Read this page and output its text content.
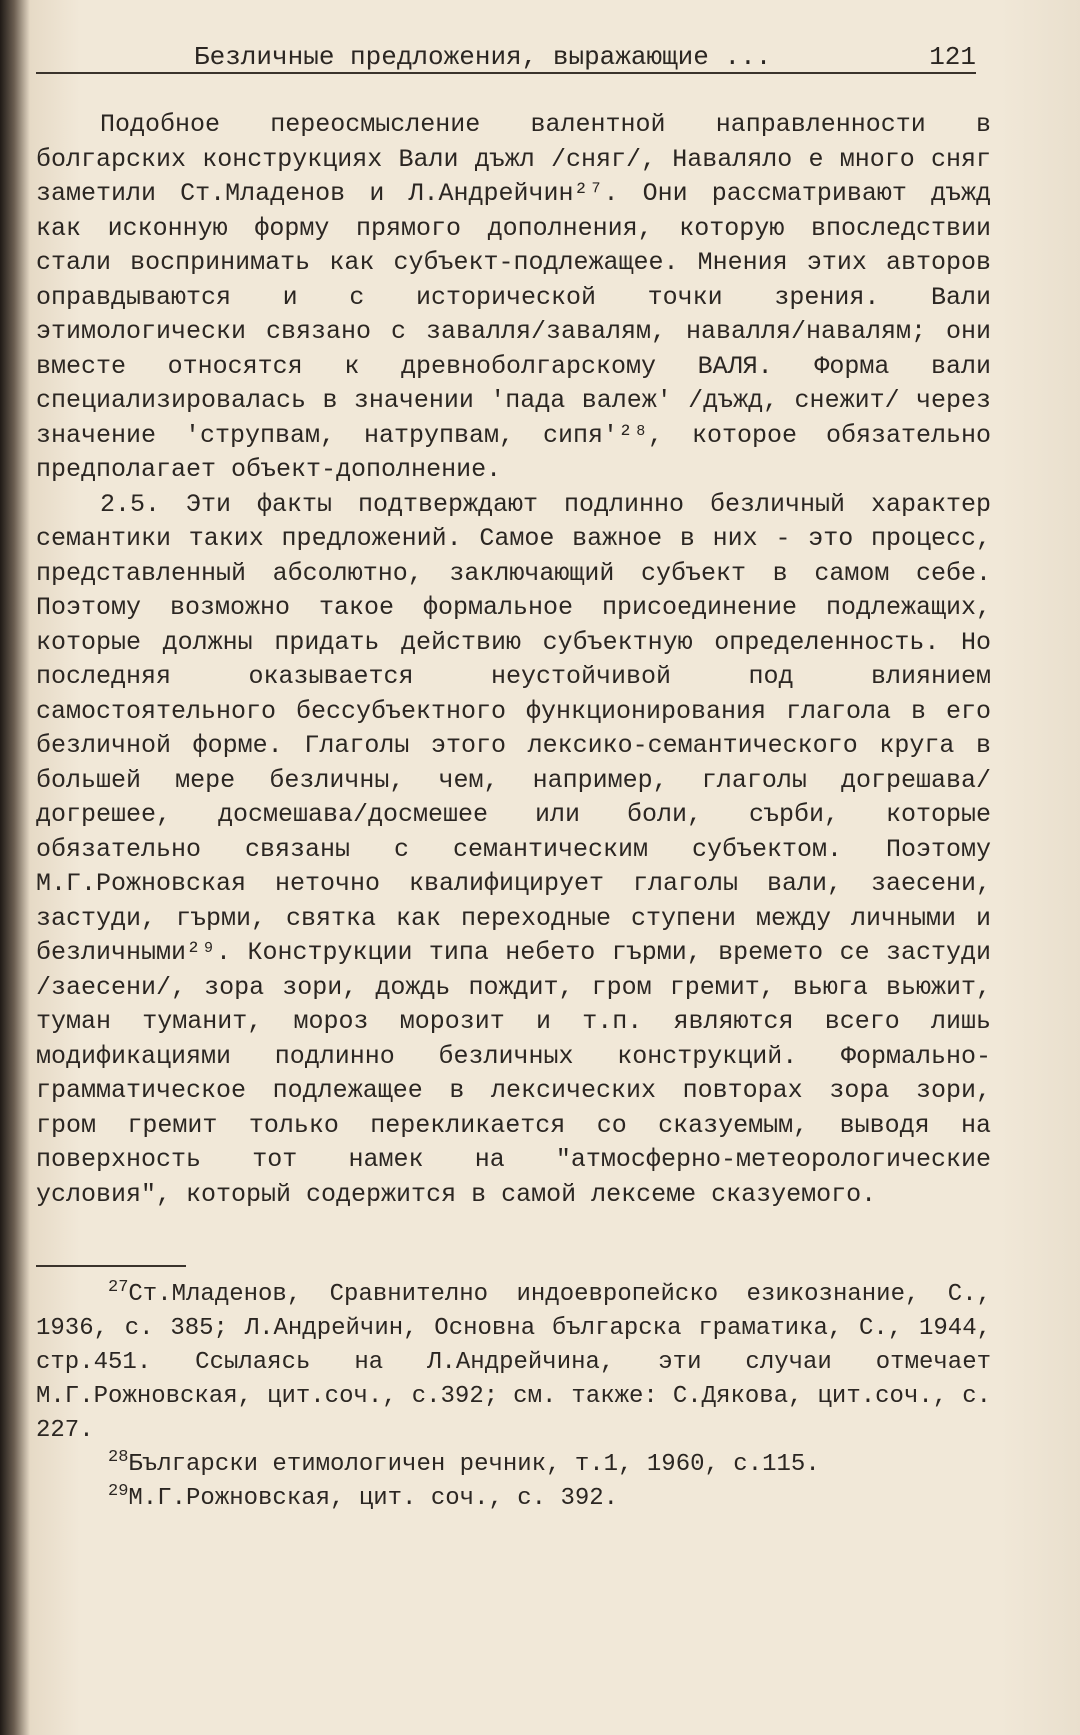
Безличные предложения, выражающие ...	121

Подобное переосмысление валентной направленности в болгарских конструкциях Вали дъжл /сняг/, Навалялo е много сняг заметили Ст.Младенов и Л.Андрейчин²⁷. Они рассматривают дъжд как исконную форму прямого дополнения, которую впоследствии стали воспринимать как субъект-подлежащее. Мнения этих авторов оправдываются и с исторической точки зрения. Вали этимологически связано с завалля/завалям, навалля/навалям; они вместе относятся к древноболгарскому ВАЛЯ. Форма вали специализировалась в значении 'пада валеж' /дъжд, снежит/ через значение 'струпвам, натрупвам, сипя'²⁸, которое обязательно предполагает объект-дополнение.

2.5. Эти факты подтверждают подлинно безличный характер семантики таких предложений. Самое важное в них - это процесс, представленный абсолютно, заключающий субъект в самом себе. Поэтому возможно такое формальное присоединение подлежащих, которые должны придать действию субъектную определенность. Но последняя оказывается неустойчивой под влиянием самостоятельного бессубъектного функционирования глагола в его безличной форме. Глаголы этого лексико-семантического круга в большей мере безличны, чем, например, глаголы догрешава/догрешее, досмешава/досмешее или боли, сърби, которые обязательно связаны с семантическим субъектом. Поэтому М.Г.Рожновская неточно квалифицирует глаголы вали, заесени, застуди, гърми, святка как переходные ступени между личными и безличными²⁹. Конструкции типа небето гърми, времето се застуди /заесени/, зора зори, дождь пождит, гром гремит, вьюга вьюжит, туман туманит, мороз морозит и т.п. являются всего лишь модификациями подлинно безличных конструкций. Формально-грамматическое подлежащее в лексических повторах зора зори, гром гремит только перекликается со сказуемым, выводя на поверхность тот намек на "атмосферно-метеорологические условия", который содержится в самой лексеме сказуемого.

$^{27}$Ст.Младенов, Сравнително индоевропейско езикознание, С., 1936, с. 385; Л.Андрейчин, Основна българска граматика, С., 1944, стр.451. Ссылаясь на Л.Андрейчина, эти случаи отмечает М.Г.Рожновская, цит.соч., с.392; см. также: С.Дякова, цит.соч., с. 227.

$^{28}$Български етимологичен речник, т.1, 1960, с.115.

$^{29}$М.Г.Рожновская, цит. соч., с. 392.
